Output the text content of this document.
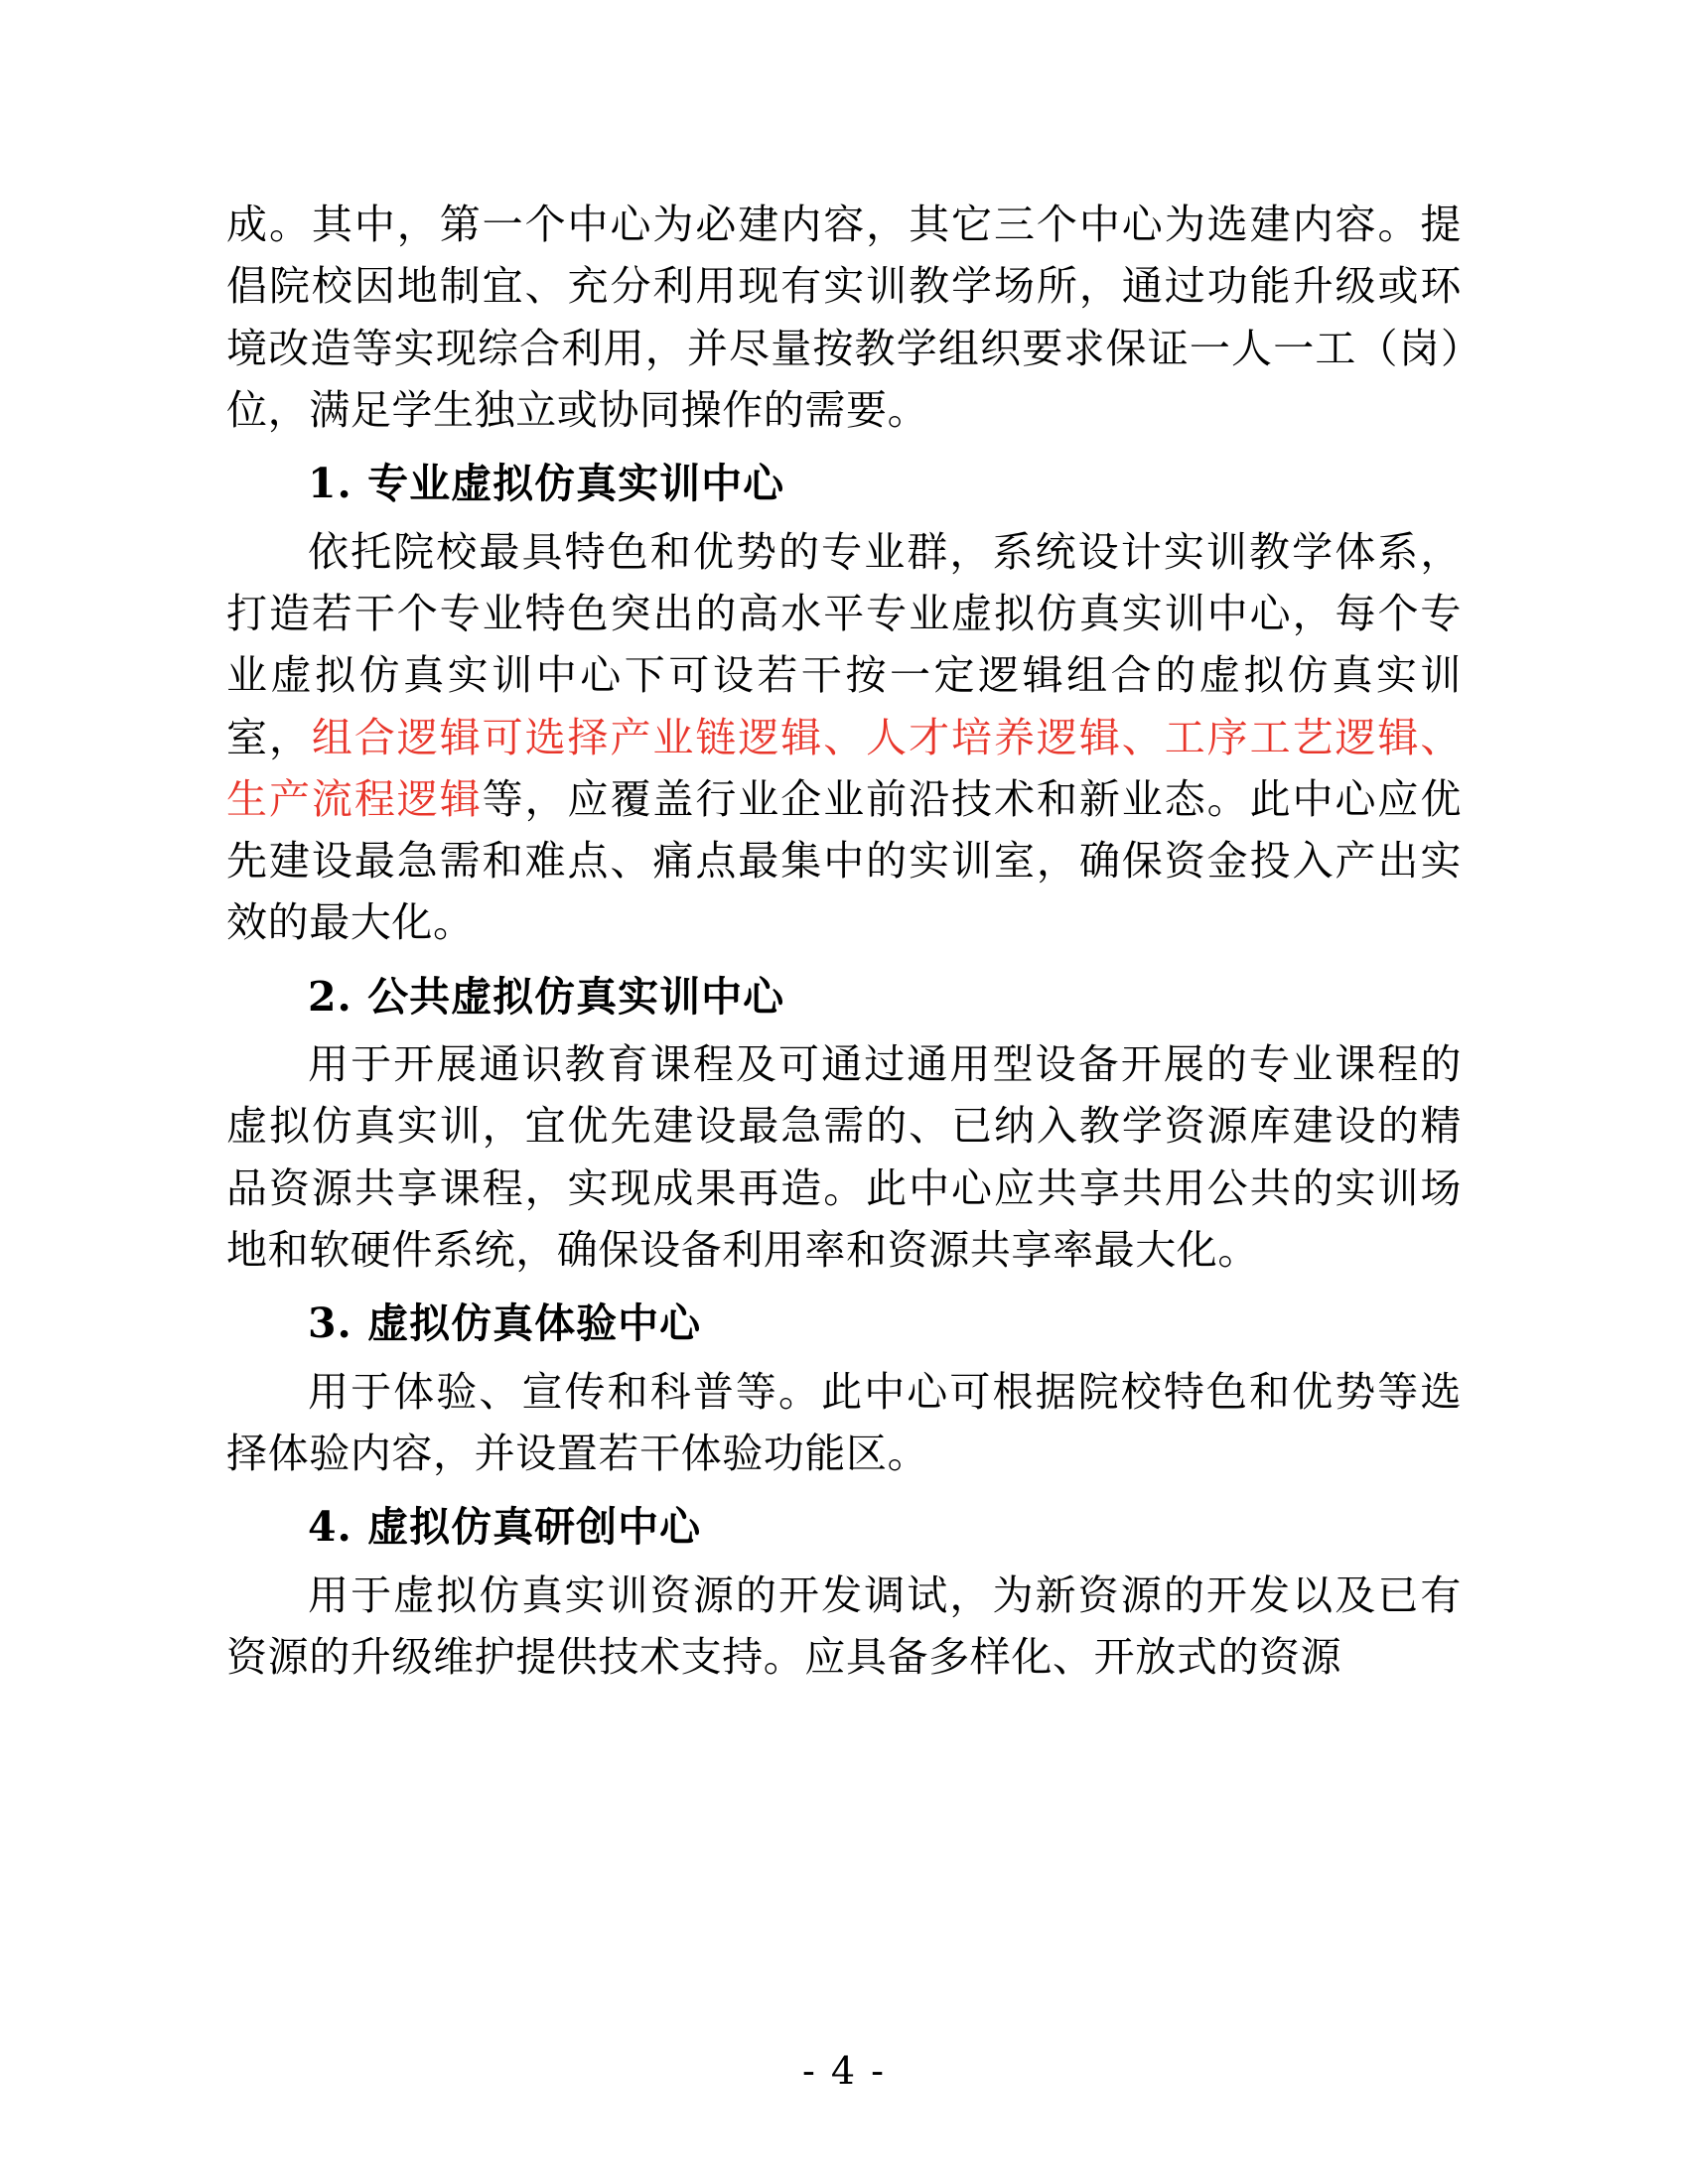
成。其中，第一个中心为必建内容，其它三个中心为选建内容。提倡院校因地制宜、充分利用现有实训教学场所，通过功能升级或环境改造等实现综合利用，并尽量按教学组织要求保证一人一工（岗）位，满足学生独立或协同操作的需要。

1. 专业虚拟仿真实训中心

依托院校最具特色和优势的专业群，系统设计实训教学体系，打造若干个专业特色突出的高水平专业虚拟仿真实训中心，每个专业虚拟仿真实训中心下可设若干按一定逻辑组合的虚拟仿真实训室，组合逻辑可选择产业链逻辑、人才培养逻辑、工序工艺逻辑、生产流程逻辑等，应覆盖行业企业前沿技术和新业态。此中心应优先建设最急需和难点、痛点最集中的实训室，确保资金投入产出实效的最大化。

2. 公共虚拟仿真实训中心

用于开展通识教育课程及可通过通用型设备开展的专业课程的虚拟仿真实训，宜优先建设最急需的、已纳入教学资源库建设的精品资源共享课程，实现成果再造。此中心应共享共用公共的实训场地和软硬件系统，确保设备利用率和资源共享率最大化。

3. 虚拟仿真体验中心

用于体验、宣传和科普等。此中心可根据院校特色和优势等选择体验内容，并设置若干体验功能区。

4. 虚拟仿真研创中心

用于虚拟仿真实训资源的开发调试，为新资源的开发以及已有资源的升级维护提供技术支持。应具备多样化、开放式的资源

- 4 -
